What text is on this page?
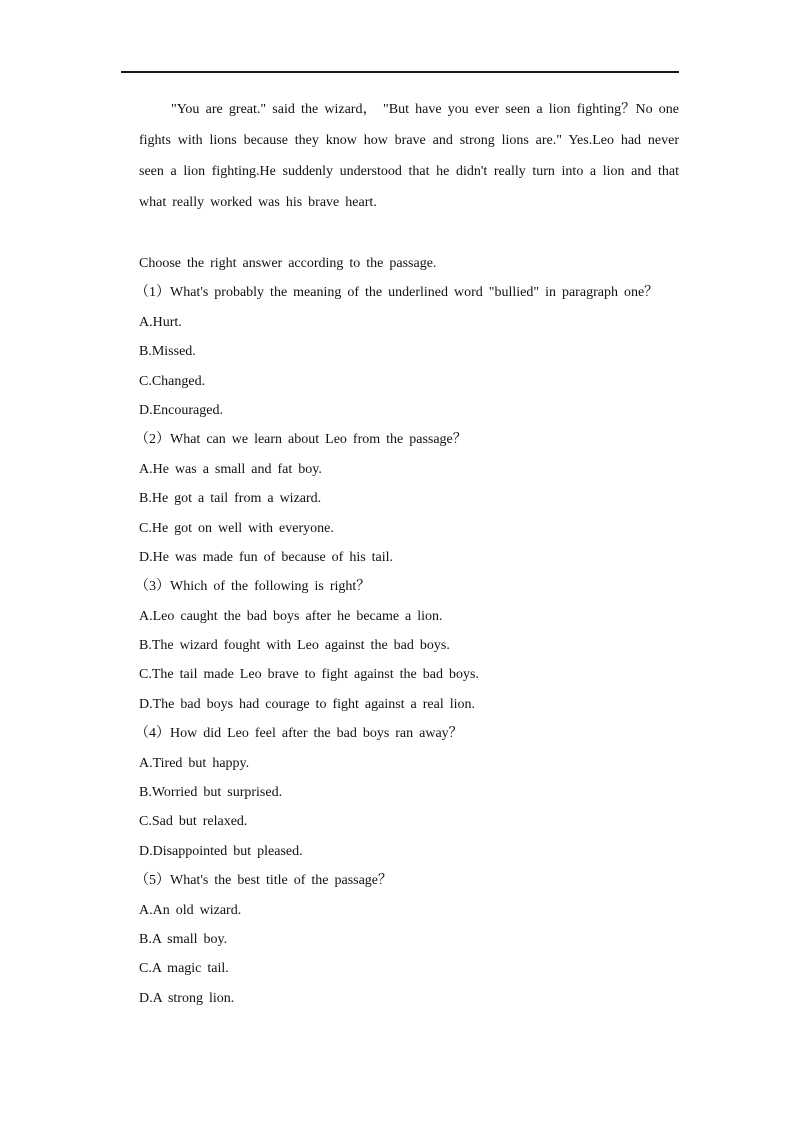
"You are great." said the wizard， "But have you ever seen a lion fighting？No one fights with lions because they know how brave and strong lions are." Yes.Leo had never seen a lion fighting.He suddenly understood that he didn't really turn into a lion and that what really worked was his brave heart.

Choose the right answer according to the passage.
（1）What's probably the meaning of the underlined word "bullied" in paragraph one？
A.Hurt.
B.Missed.
C.Changed.
D.Encouraged.
（2）What can we learn about Leo from the passage？
A.He was a small and fat boy.
B.He got a tail from a wizard.
C.He got on well with everyone.
D.He was made fun of because of his tail.
（3）Which of the following is right？
A.Leo caught the bad boys after he became a lion.
B.The wizard fought with Leo against the bad boys.
C.The tail made Leo brave to fight against the bad boys.
D.The bad boys had courage to fight against a real lion.
（4）How did Leo feel after the bad boys ran away？
A.Tired but happy.
B.Worried but surprised.
C.Sad but relaxed.
D.Disappointed but pleased.
（5）What's the best title of the passage？
A.An old wizard.
B.A small boy.
C.A magic tail.
D.A strong lion.
